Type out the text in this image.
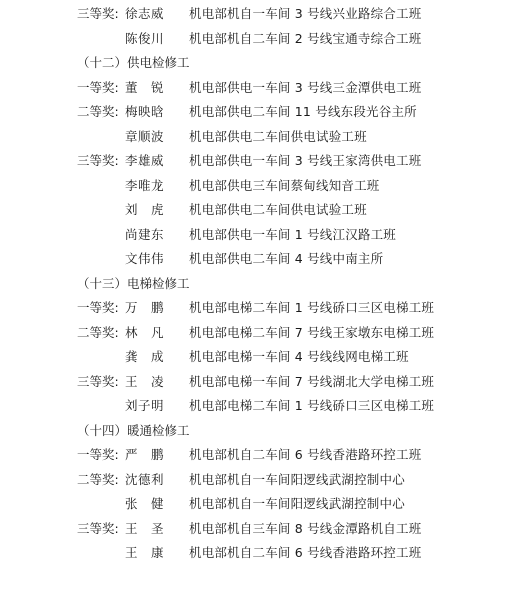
三等奖: 徐志威 机电部机自一车间 3 号线兴业路综合工班
陈俊川 机电部机自二车间 2 号线宝通寺综合工班
（十二）供电检修工
一等奖: 董　锐 机电部供电一车间 3 号线三金潭供电工班
二等奖: 梅映晗 机电部供电二车间 11 号线东段光谷主所
章顺波 机电部供电二车间供电试验工班
三等奖: 李雄威 机电部供电一车间 3 号线王家湾供电工班
李唯龙 机电部供电三车间蔡甸线知音工班
刘　虎 机电部供电二车间供电试验工班
尚建东 机电部供电一车间 1 号线江汉路工班
文伟伟 机电部供电二车间 4 号线中南主所
（十三）电梯检修工
一等奖: 万　鹏 机电部电梯二车间 1 号线硚口三区电梯工班
二等奖: 林　凡 机电部电梯二车间 7 号线王家墩东电梯工班
龚　成 机电部电梯一车间 4 号线线网电梯工班
三等奖: 王　凌 机电部电梯一车间 7 号线湖北大学电梯工班
刘子明 机电部电梯二车间 1 号线硚口三区电梯工班
（十四）暖通检修工
一等奖: 严　鹏 机电部机自二车间 6 号线香港路环控工班
二等奖: 沈德利 机电部机自一车间阳逻线武湖控制中心
张　健 机电部机自一车间阳逻线武湖控制中心
三等奖: 王　圣 机电部机自三车间 8 号线金潭路机自工班
王　康 机电部机自二车间 6 号线香港路环控工班
